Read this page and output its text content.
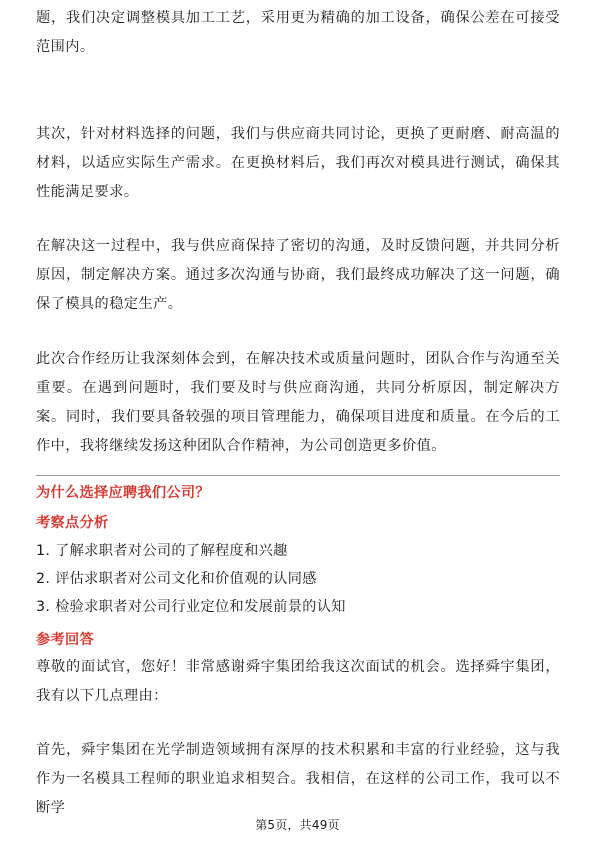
题，我们决定调整模具加工工艺，采用更为精确的加工设备，确保公差在可接受范围内。

其次，针对材料选择的问题，我们与供应商共同讨论，更换了更耐磨、耐高温的材料，以适应实际生产需求。在更换材料后，我们再次对模具进行测试，确保其性能满足要求。

在解决这一过程中，我与供应商保持了密切的沟通，及时反馈问题，并共同分析原因，制定解决方案。通过多次沟通与协商，我们最终成功解决了这一问题，确保了模具的稳定生产。

此次合作经历让我深刻体会到，在解决技术或质量问题时，团队合作与沟通至关重要。在遇到问题时，我们要及时与供应商沟通，共同分析原因，制定解决方案。同时，我们要具备较强的项目管理能力，确保项目进度和质量。在今后的工作中，我将继续发扬这种团队合作精神，为公司创造更多价值。

为什么选择应聘我们公司？

考察点分析

1. 了解求职者对公司的了解程度和兴趣

2. 评估求职者对公司文化和价值观的认同感

3. 检验求职者对公司行业定位和发展前景的认知

参考回答

尊敬的面试官，您好！非常感谢舜宇集团给我这次面试的机会。选择舜宇集团，我有以下几点理由：

首先，舜宇集团在光学制造领域拥有深厚的技术积累和丰富的行业经验，这与我作为一名模具工程师的职业追求相契合。我相信，在这样的公司工作，我可以不断学

第5页，共49页
